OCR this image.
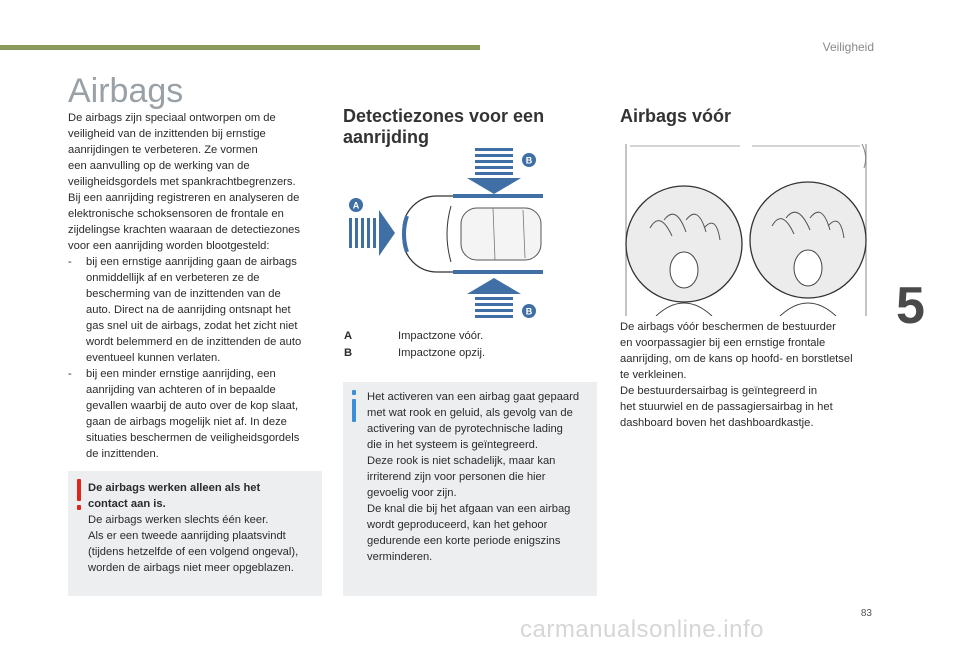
Veiligheid
5
83
Airbags

De airbags zijn speciaal ontworpen om de

veiligheid van de inzittenden bij ernstige

aanrijdingen te verbeteren. Ze vormen

een aanvulling op de werking van de

veiligheidsgordels met spankrachtbegrenzers.

Bij een aanrijding registreren en analyseren de

elektronische schoksensoren de frontale en

zijdelingse krachten waaraan de detectiezones

voor een aanrijding worden blootgesteld:

-	bij een ernstige aanrijding gaan de airbags

onmiddellijk af en verbeteren ze de

bescherming van de inzittenden van de

auto. Direct na de aanrijding ontsnapt het

gas snel uit de airbags, zodat het zicht niet

wordt belemmerd en de inzittenden de auto

eventueel kunnen verlaten.

-	bij een minder ernstige aanrijding, een

aanrijding van achteren of in bepaalde

gevallen waarbij de auto over de kop slaat,

gaan de airbags mogelijk niet af. In deze

situaties beschermen de veiligheidsgordels

de inzittenden.

De airbags werken alleen als het

contact aan is.

De airbags werken slechts één keer.

Als er een tweede aanrijding plaatsvindt

(tijdens hetzelfde of een volgend ongeval),

worden de airbags niet meer opgeblazen.

Detectiezones voor een
aanrijding
B
B
A
A	Impactzone vóór.
B	Impactzone opzij.

Het activeren van een airbag gaat gepaard

met wat rook en geluid, als gevolg van de

activering van de pyrotechnische lading

die in het systeem is geïntegreerd.

Deze rook is niet schadelijk, maar kan

irriterend zijn voor personen die hier

gevoelig voor zijn.

De knal die bij het afgaan van een airbag

wordt geproduceerd, kan het gehoor

gedurende een korte periode enigszins

verminderen.

Airbags vóór

De airbags vóór beschermen de bestuurder

en voorpassagier bij een ernstige frontale

aanrijding, om de kans op hoofd- en borstletsel

te verkleinen.

De bestuurdersairbag is geïntegreerd in

het stuurwiel en de passagiersairbag in het

dashboard boven het dashboardkastje.

carmanualsonline.info
